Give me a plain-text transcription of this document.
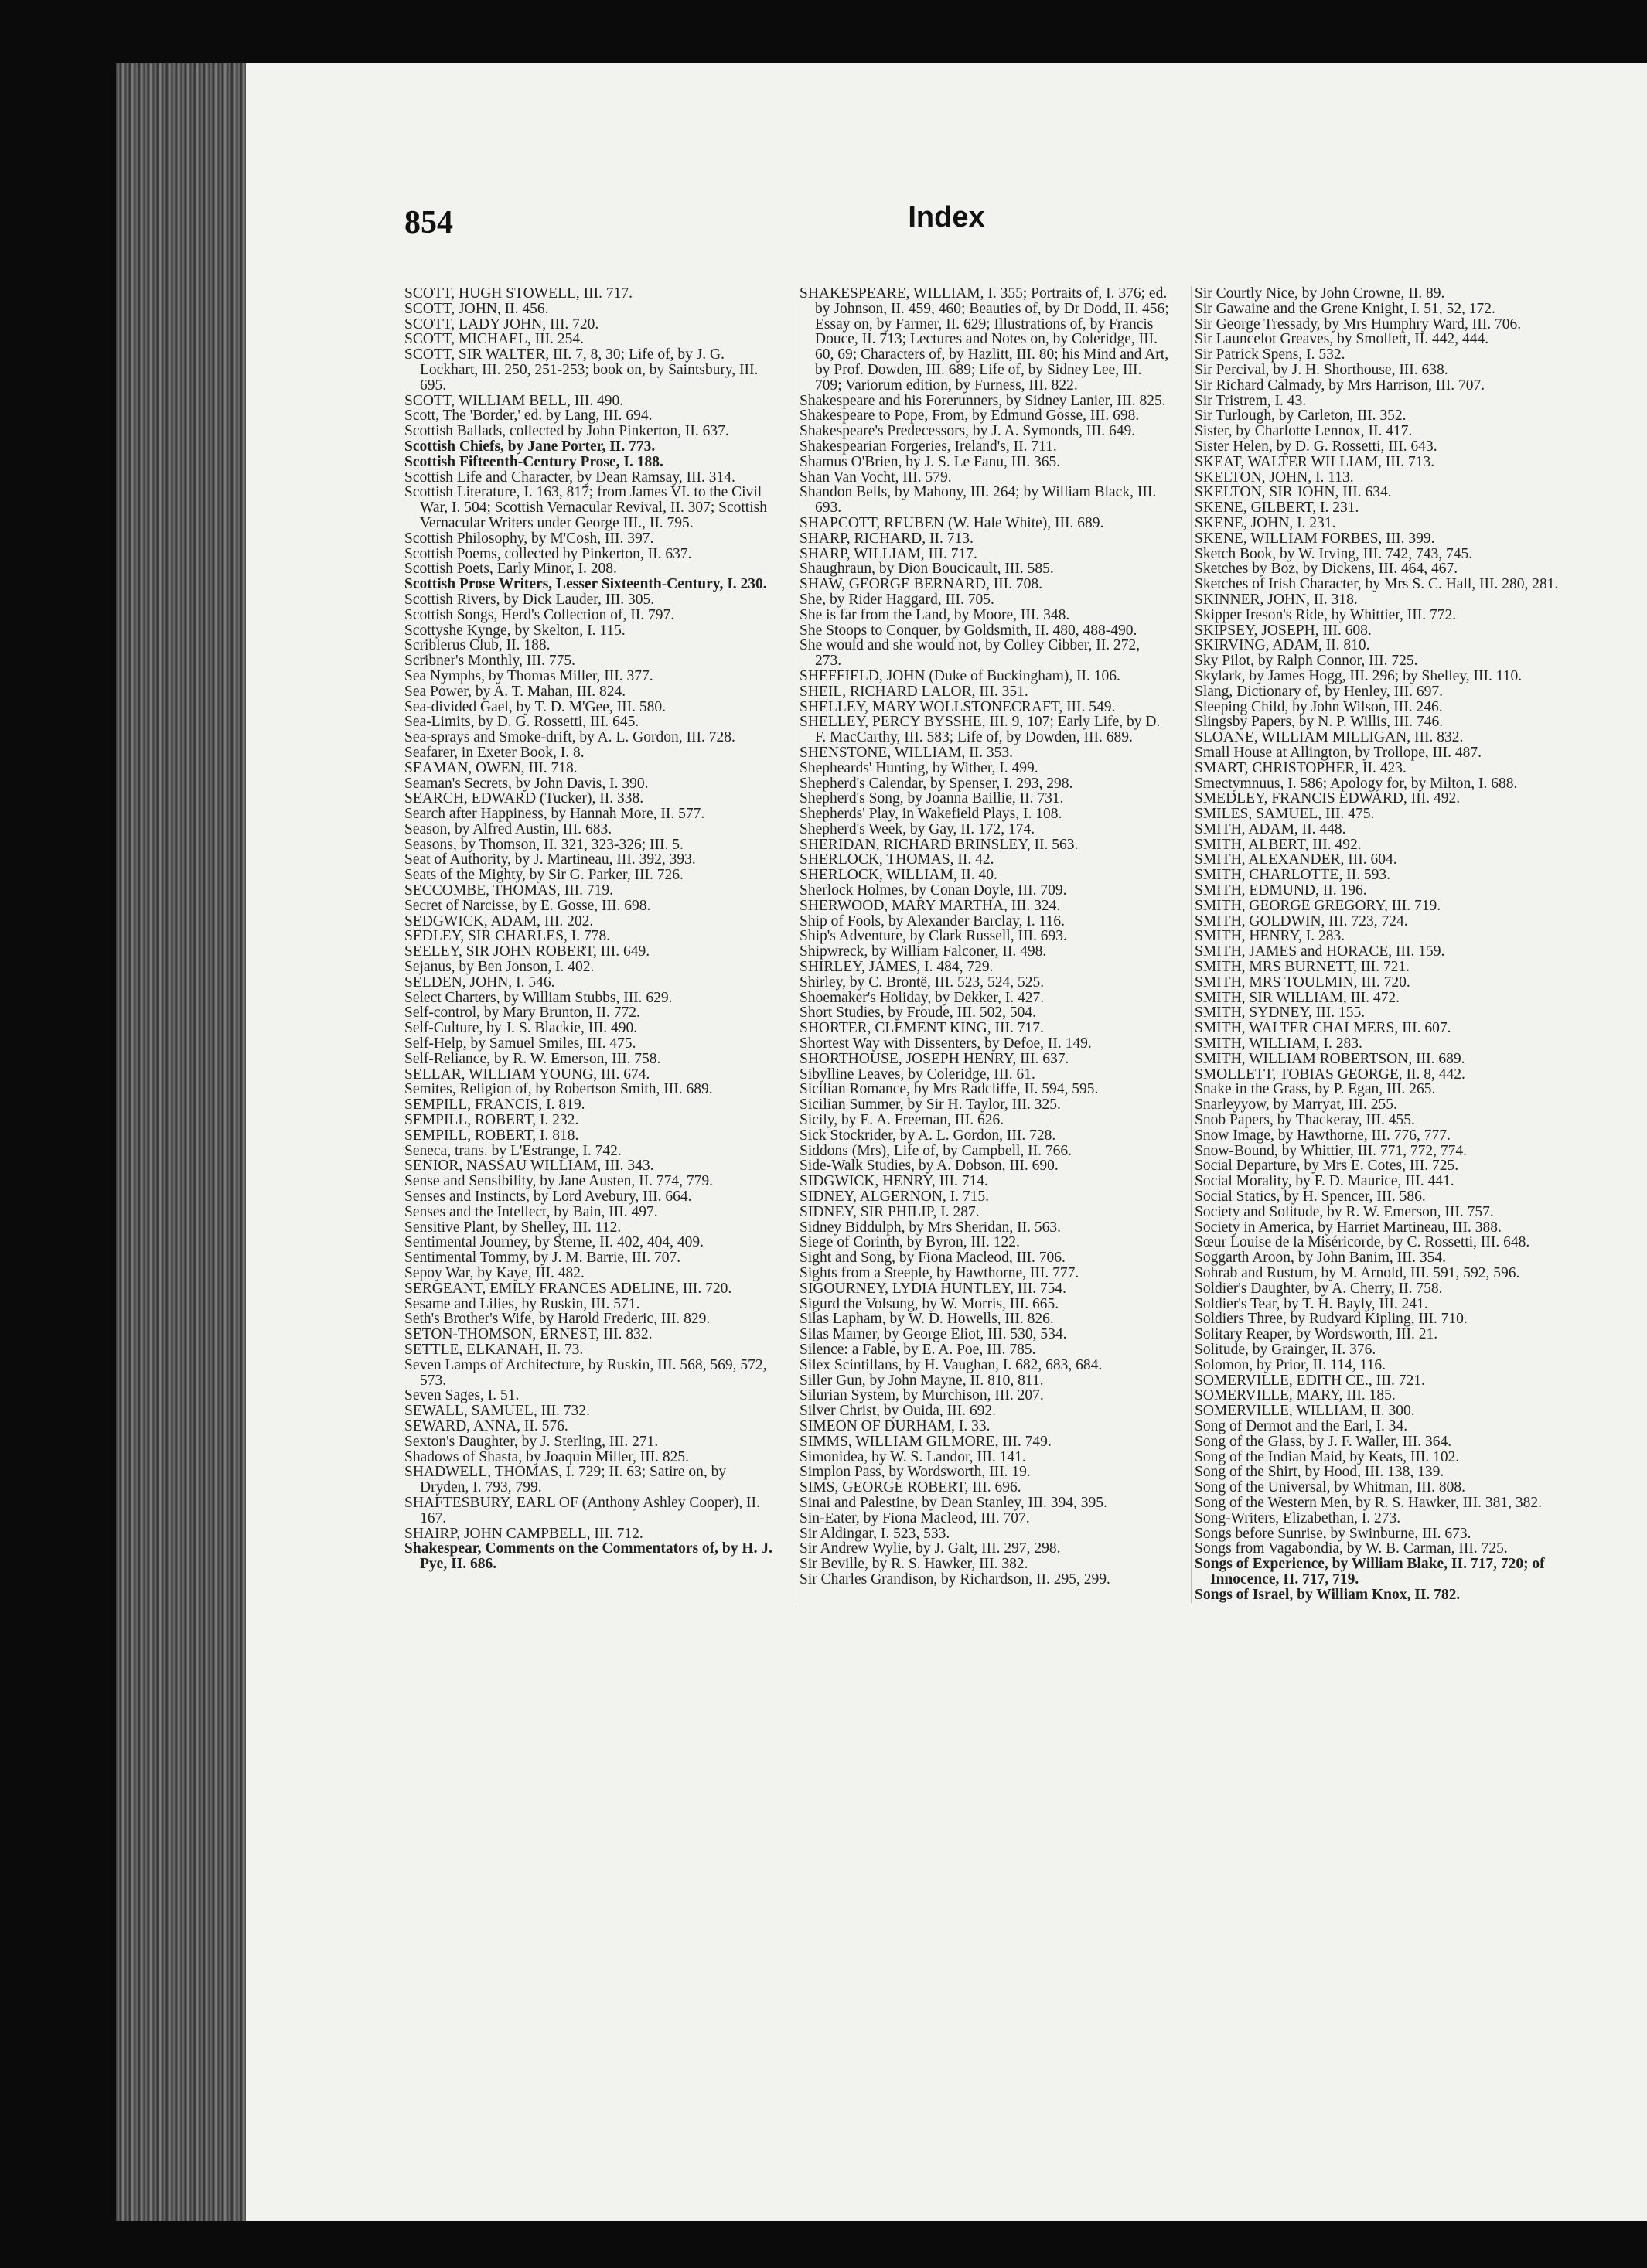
854	Index

SCOTT, HUGH STOWELL, III. 717.

SCOTT, JOHN, II. 456.

SCOTT, LADY JOHN, III. 720.

SCOTT, MICHAEL, III. 254.

SCOTT, SIR WALTER, III. 7, 8, 30; Life of, by J. G. Lockhart, III. 250, 251-253; book on, by Saintsbury, III. 695.

SCOTT, WILLIAM BELL, III. 490.

Scott, The 'Border,' ed. by Lang, III. 694.

Scottish Ballads, collected by John Pinkerton, II. 637.

Scottish Chiefs, by Jane Porter, II. 773.

Scottish Fifteenth-Century Prose, I. 188.

Scottish Life and Character, by Dean Ramsay, III. 314.

Scottish Literature, I. 163, 817; from James VI. to the Civil War, I. 504; Scottish Vernacular Revival, II. 307; Scottish Vernacular Writers under George III., II. 795.

Scottish Philosophy, by M'Cosh, III. 397.

Scottish Poems, collected by Pinkerton, II. 637.

Scottish Poets, Early Minor, I. 208.

Scottish Prose Writers, Lesser Sixteenth-Century, I. 230.

Scottish Rivers, by Dick Lauder, III. 305.

Scottish Songs, Herd's Collection of, II. 797.

Scottyshe Kynge, by Skelton, I. 115.

Scriblerus Club, II. 188.

Scribner's Monthly, III. 775.

Sea Nymphs, by Thomas Miller, III. 377.

Sea Power, by A. T. Mahan, III. 824.

Sea-divided Gael, by T. D. M'Gee, III. 580.

Sea-Limits, by D. G. Rossetti, III. 645.

Sea-sprays and Smoke-drift, by A. L. Gordon, III. 728.

Seafarer, in Exeter Book, I. 8.

SEAMAN, OWEN, III. 718.

Seaman's Secrets, by John Davis, I. 390.

SEARCH, EDWARD (Tucker), II. 338.

Search after Happiness, by Hannah More, II. 577.

Season, by Alfred Austin, III. 683.

Seasons, by Thomson, II. 321, 323-326; III. 5.

Seat of Authority, by J. Martineau, III. 392, 393.

Seats of the Mighty, by Sir G. Parker, III. 726.

SECCOMBE, THOMAS, III. 719.

Secret of Narcisse, by E. Gosse, III. 698.

SEDGWICK, ADAM, III. 202.

SEDLEY, SIR CHARLES, I. 778.

SEELEY, SIR JOHN ROBERT, III. 649.

Sejanus, by Ben Jonson, I. 402.

SELDEN, JOHN, I. 546.

Select Charters, by William Stubbs, III. 629.

Self-control, by Mary Brunton, II. 772.

Self-Culture, by J. S. Blackie, III. 490.

Self-Help, by Samuel Smiles, III. 475.

Self-Reliance, by R. W. Emerson, III. 758.

SELLAR, WILLIAM YOUNG, III. 674.

Semites, Religion of, by Robertson Smith, III. 689.

SEMPILL, FRANCIS, I. 819.

SEMPILL, ROBERT, I. 232.

SEMPILL, ROBERT, I. 818.

Seneca, trans. by L'Estrange, I. 742.

SENIOR, NASSAU WILLIAM, III. 343.

Sense and Sensibility, by Jane Austen, II. 774, 779.

Senses and Instincts, by Lord Avebury, III. 664.

Senses and the Intellect, by Bain, III. 497.

Sensitive Plant, by Shelley, III. 112.

Sentimental Journey, by Sterne, II. 402, 404, 409.

Sentimental Tommy, by J. M. Barrie, III. 707.

Sepoy War, by Kaye, III. 482.

SERGEANT, EMILY FRANCES ADELINE, III. 720.

Sesame and Lilies, by Ruskin, III. 571.

Seth's Brother's Wife, by Harold Frederic, III. 829.

SETON-THOMSON, ERNEST, III. 832.

SETTLE, ELKANAH, II. 73.

Seven Lamps of Architecture, by Ruskin, III. 568, 569, 572, 573.

Seven Sages, I. 51.

SEWALL, SAMUEL, III. 732.

SEWARD, ANNA, II. 576.

Sexton's Daughter, by J. Sterling, III. 271.

Shadows of Shasta, by Joaquin Miller, III. 825.

SHADWELL, THOMAS, I. 729; II. 63; Satire on, by Dryden, I. 793, 799.

SHAFTESBURY, EARL OF (Anthony Ashley Cooper), II. 167.

SHAIRP, JOHN CAMPBELL, III. 712.

Shakespear, Comments on the Commentators of, by H. J. Pye, II. 686.

SHAKESPEARE, WILLIAM, I. 355; Portraits of, I. 376; ed. by Johnson, II. 459, 460; Beauties of, by Dr Dodd, II. 456; Essay on, by Farmer, II. 629; Illustrations of, by Francis Douce, II. 713; Lectures and Notes on, by Coleridge, III. 60, 69; Characters of, by Hazlitt, III. 80; his Mind and Art, by Prof. Dowden, III. 689; Life of, by Sidney Lee, III. 709; Variorum edition, by Furness, III. 822.

Shakespeare and his Forerunners, by Sidney Lanier, III. 825.

Shakespeare to Pope, From, by Edmund Gosse, III. 698.

Shakespeare's Predecessors, by J. A. Symonds, III. 649.

Shakespearian Forgeries, Ireland's, II. 711.

Shamus O'Brien, by J. S. Le Fanu, III. 365.

Shan Van Vocht, III. 579.

Shandon Bells, by Mahony, III. 264; by William Black, III. 693.

SHAPCOTT, REUBEN (W. Hale White), III. 689.

SHARP, RICHARD, II. 713.

SHARP, WILLIAM, III. 717.

Shaughraun, by Dion Boucicault, III. 585.

SHAW, GEORGE BERNARD, III. 708.

She, by Rider Haggard, III. 705.

She is far from the Land, by Moore, III. 348.

She Stoops to Conquer, by Goldsmith, II. 480, 488-490.

She would and she would not, by Colley Cibber, II. 272, 273.

SHEFFIELD, JOHN (Duke of Buckingham), II. 106.

SHEIL, RICHARD LALOR, III. 351.

SHELLEY, MARY WOLLSTONECRAFT, III. 549.

SHELLEY, PERCY BYSSHE, III. 9, 107; Early Life, by D. F. MacCarthy, III. 583; Life of, by Dowden, III. 689.

SHENSTONE, WILLIAM, II. 353.

Shepheards' Hunting, by Wither, I. 499.

Shepherd's Calendar, by Spenser, I. 293, 298.

Shepherd's Song, by Joanna Baillie, II. 731.

Shepherds' Play, in Wakefield Plays, I. 108.

Shepherd's Week, by Gay, II. 172, 174.

SHERIDAN, RICHARD BRINSLEY, II. 563.

SHERLOCK, THOMAS, II. 42.

SHERLOCK, WILLIAM, II. 40.

Sherlock Holmes, by Conan Doyle, III. 709.

SHERWOOD, MARY MARTHA, III. 324.

Ship of Fools, by Alexander Barclay, I. 116.

Ship's Adventure, by Clark Russell, III. 693.

Shipwreck, by William Falconer, II. 498.

SHIRLEY, JAMES, I. 484, 729.

Shirley, by C. Brontë, III. 523, 524, 525.

Shoemaker's Holiday, by Dekker, I. 427.

Short Studies, by Froude, III. 502, 504.

SHORTER, CLEMENT KING, III. 717.

Shortest Way with Dissenters, by Defoe, II. 149.

SHORTHOUSE, JOSEPH HENRY, III. 637.

Sibylline Leaves, by Coleridge, III. 61.

Sicilian Romance, by Mrs Radcliffe, II. 594, 595.

Sicilian Summer, by Sir H. Taylor, III. 325.

Sicily, by E. A. Freeman, III. 626.

Sick Stockrider, by A. L. Gordon, III. 728.

Siddons (Mrs), Life of, by Campbell, II. 766.

Side-Walk Studies, by A. Dobson, III. 690.

SIDGWICK, HENRY, III. 714.

SIDNEY, ALGERNON, I. 715.

SIDNEY, SIR PHILIP, I. 287.

Sidney Biddulph, by Mrs Sheridan, II. 563.

Siege of Corinth, by Byron, III. 122.

Sight and Song, by Fiona Macleod, III. 706.

Sights from a Steeple, by Hawthorne, III. 777.

SIGOURNEY, LYDIA HUNTLEY, III. 754.

Sigurd the Volsung, by W. Morris, III. 665.

Silas Lapham, by W. D. Howells, III. 826.

Silas Marner, by George Eliot, III. 530, 534.

Silence: a Fable, by E. A. Poe, III. 785.

Silex Scintillans, by H. Vaughan, I. 682, 683, 684.

Siller Gun, by John Mayne, II. 810, 811.

Silurian System, by Murchison, III. 207.

Silver Christ, by Ouida, III. 692.

SIMEON OF DURHAM, I. 33.

SIMMS, WILLIAM GILMORE, III. 749.

Simonidea, by W. S. Landor, III. 141.

Simplon Pass, by Wordsworth, III. 19.

SIMS, GEORGE ROBERT, III. 696.

Sinai and Palestine, by Dean Stanley, III. 394, 395.

Sin-Eater, by Fiona Macleod, III. 707.

Sir Aldingar, I. 523, 533.

Sir Andrew Wylie, by J. Galt, III. 297, 298.

Sir Beville, by R. S. Hawker, III. 382.

Sir Charles Grandison, by Richardson, II. 295, 299.

Sir Courtly Nice, by John Crowne, II. 89.

Sir Gawaine and the Grene Knight, I. 51, 52, 172.

Sir George Tressady, by Mrs Humphry Ward, III. 706.

Sir Launcelot Greaves, by Smollett, II. 442, 444.

Sir Patrick Spens, I. 532.

Sir Percival, by J. H. Shorthouse, III. 638.

Sir Richard Calmady, by Mrs Harrison, III. 707.

Sir Tristrem, I. 43.

Sir Turlough, by Carleton, III. 352.

Sister, by Charlotte Lennox, II. 417.

Sister Helen, by D. G. Rossetti, III. 643.

SKEAT, WALTER WILLIAM, III. 713.

SKELTON, JOHN, I. 113.

SKELTON, SIR JOHN, III. 634.

SKENE, GILBERT, I. 231.

SKENE, JOHN, I. 231.

SKENE, WILLIAM FORBES, III. 399.

Sketch Book, by W. Irving, III. 742, 743, 745.

Sketches by Boz, by Dickens, III. 464, 467.

Sketches of Irish Character, by Mrs S. C. Hall, III. 280, 281.

SKINNER, JOHN, II. 318.

Skipper Ireson's Ride, by Whittier, III. 772.

SKIPSEY, JOSEPH, III. 608.

SKIRVING, ADAM, II. 810.

Sky Pilot, by Ralph Connor, III. 725.

Skylark, by James Hogg, III. 296; by Shelley, III. 110.

Slang, Dictionary of, by Henley, III. 697.

Sleeping Child, by John Wilson, III. 246.

Slingsby Papers, by N. P. Willis, III. 746.

SLOANE, WILLIAM MILLIGAN, III. 832.

Small House at Allington, by Trollope, III. 487.

SMART, CHRISTOPHER, II. 423.

Smectymnuus, I. 586; Apology for, by Milton, I. 688.

SMEDLEY, FRANCIS EDWARD, III. 492.

SMILES, SAMUEL, III. 475.

SMITH, ADAM, II. 448.

SMITH, ALBERT, III. 492.

SMITH, ALEXANDER, III. 604.

SMITH, CHARLOTTE, II. 593.

SMITH, EDMUND, II. 196.

SMITH, GEORGE GREGORY, III. 719.

SMITH, GOLDWIN, III. 723, 724.

SMITH, HENRY, I. 283.

SMITH, JAMES and HORACE, III. 159.

SMITH, MRS BURNETT, III. 721.

SMITH, MRS TOULMIN, III. 720.

SMITH, SIR WILLIAM, III. 472.

SMITH, SYDNEY, III. 155.

SMITH, WALTER CHALMERS, III. 607.

SMITH, WILLIAM, I. 283.

SMITH, WILLIAM ROBERTSON, III. 689.

SMOLLETT, TOBIAS GEORGE, II. 8, 442.

Snake in the Grass, by P. Egan, III. 265.

Snarleyyow, by Marryat, III. 255.

Snob Papers, by Thackeray, III. 455.

Snow Image, by Hawthorne, III. 776, 777.

Snow-Bound, by Whittier, III. 771, 772, 774.

Social Departure, by Mrs E. Cotes, III. 725.

Social Morality, by F. D. Maurice, III. 441.

Social Statics, by H. Spencer, III. 586.

Society and Solitude, by R. W. Emerson, III. 757.

Society in America, by Harriet Martineau, III. 388.

Sœur Louise de la Miséricorde, by C. Rossetti, III. 648.

Soggarth Aroon, by John Banim, III. 354.

Sohrab and Rustum, by M. Arnold, III. 591, 592, 596.

Soldier's Daughter, by A. Cherry, II. 758.

Soldier's Tear, by T. H. Bayly, III. 241.

Soldiers Three, by Rudyard Kipling, III. 710.

Solitary Reaper, by Wordsworth, III. 21.

Solitude, by Grainger, II. 376.

Solomon, by Prior, II. 114, 116.

SOMERVILLE, EDITH CE., III. 721.

SOMERVILLE, MARY, III. 185.

SOMERVILLE, WILLIAM, II. 300.

Song of Dermot and the Earl, I. 34.

Song of the Glass, by J. F. Waller, III. 364.

Song of the Indian Maid, by Keats, III. 102.

Song of the Shirt, by Hood, III. 138, 139.

Song of the Universal, by Whitman, III. 808.

Song of the Western Men, by R. S. Hawker, III. 381, 382.

Song-Writers, Elizabethan, I. 273.

Songs before Sunrise, by Swinburne, III. 673.

Songs from Vagabondia, by W. B. Carman, III. 725.

Songs of Experience, by William Blake, II. 717, 720; of Innocence, II. 717, 719.

Songs of Israel, by William Knox, II. 782.
